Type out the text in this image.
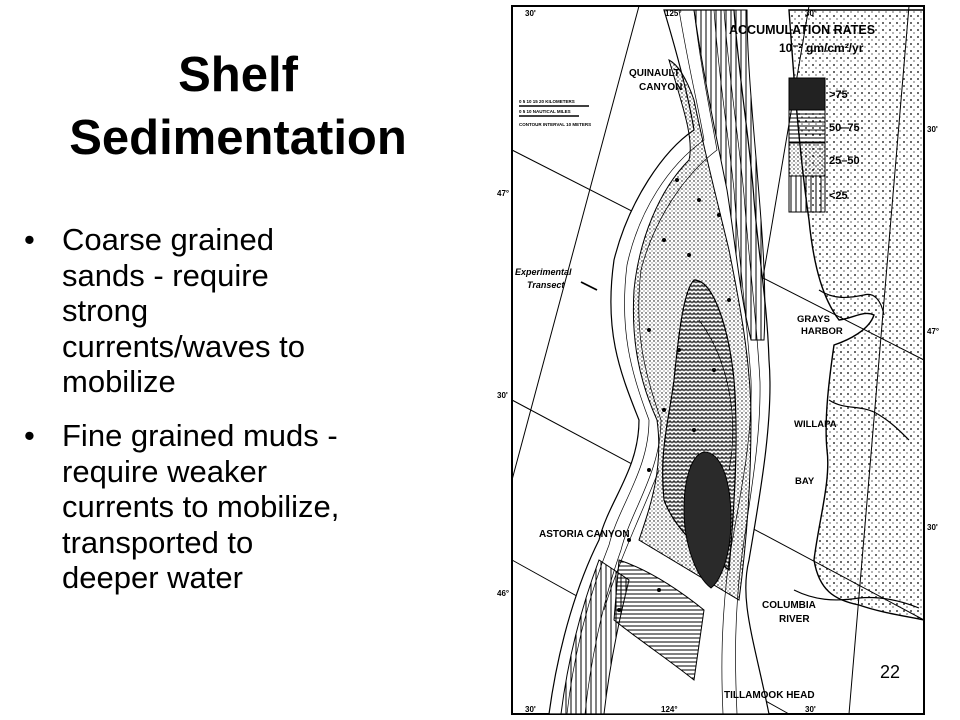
Shelf
Sedimentation
• Coarse grained
sands - require
strong
currents/waves to
mobilize
• Fine grained muds -
require weaker
currents to mobilize,
transported to
deeper water
ACCUMULATION RATES
10⁻² gm/cm²/yr
>75
50–75
25–50
<25
0 5 10 15 20 KILOMETERS
0 5 10 NAUTICAL MILES
CONTOUR INTERVAL 10 METERS
QUINAULT
CANYON
Experimental
Transect
GRAYS
HARBOR
WILLAPA
BAY
ASTORIA CANYON
COLUMBIA
RIVER
TILLAMOOK HEAD
30'	125°	30'
30'	124°	30'
47°
30'
46°
30'
47°
30'
22
